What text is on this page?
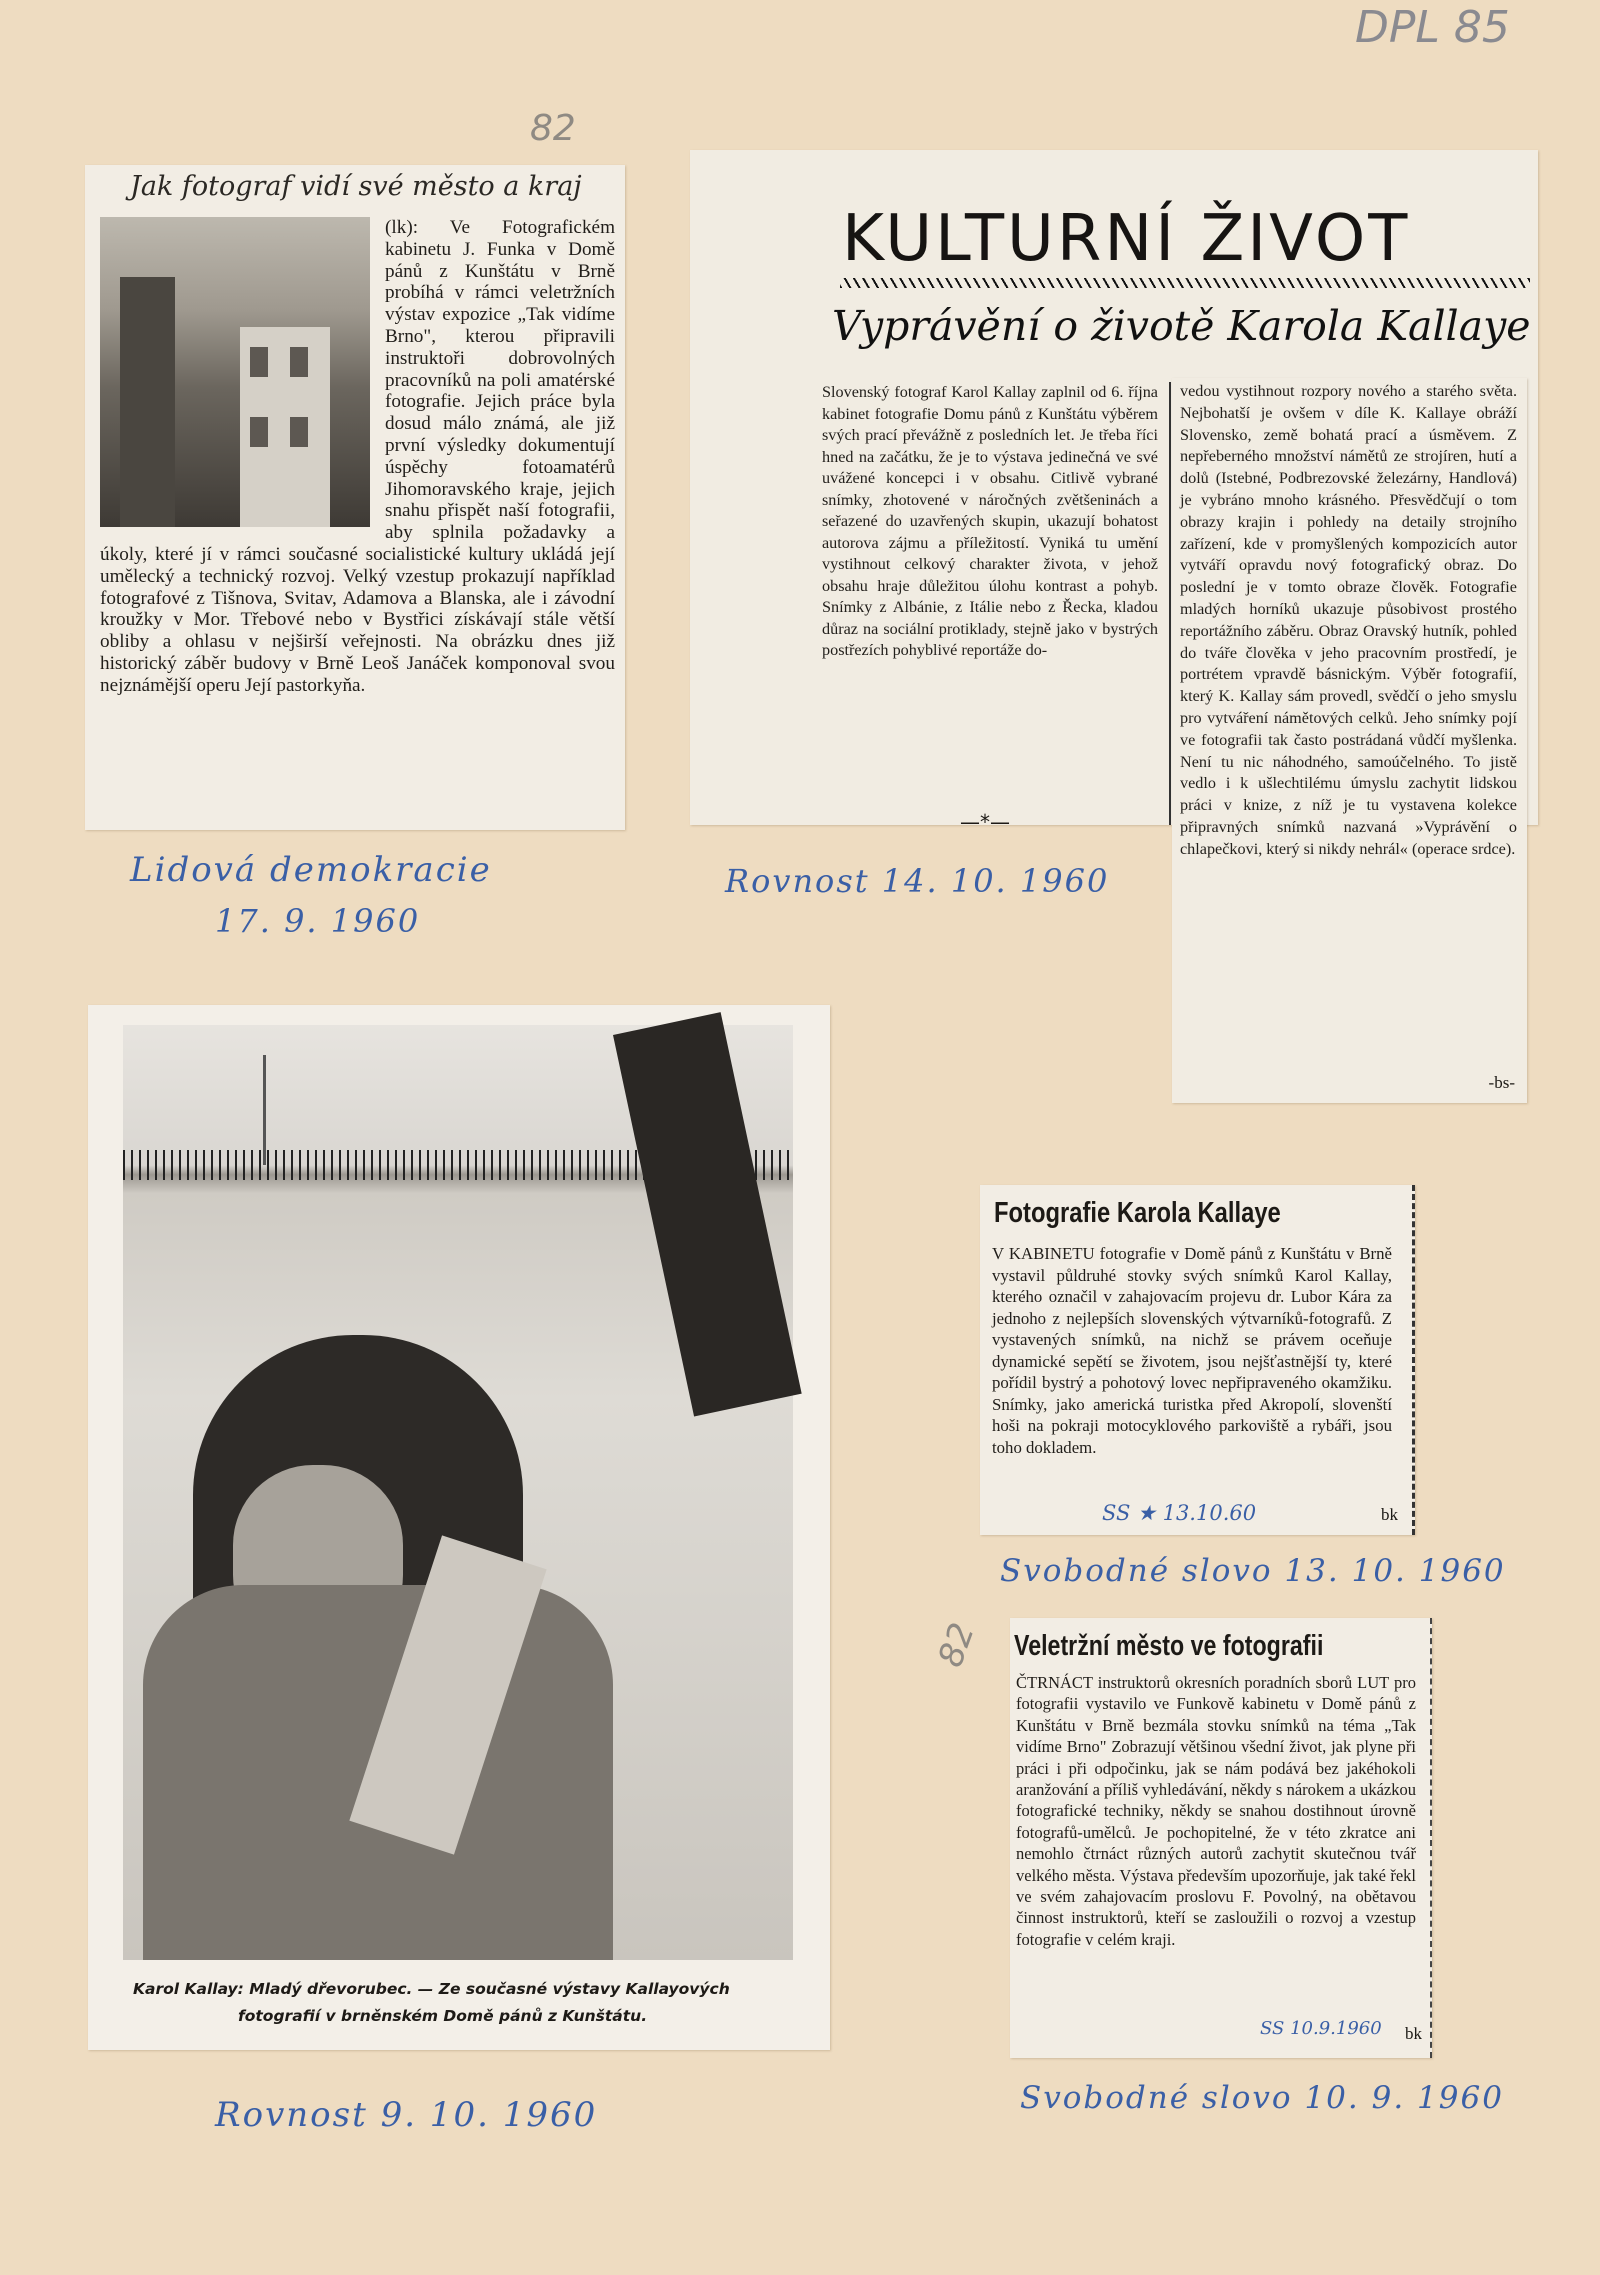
DPL 85
82
82
Jak fotograf vidí své město a kraj

(lk): Ve Fotografickém kabinetu J. Funka v Domě pánů z Kunštátu v Brně probíhá v rámci veletržních výstav expozice „Tak vidíme Brno", kterou připravili instruktoři dobrovolných pracovníků na poli amatérské fotografie. Jejich práce byla dosud málo známá, ale již první výsledky dokumentují úspěchy fotoamatérů Jihomoravského kraje, jejich snahu přispět naší fotografii, aby splnila požadavky a úkoly, které jí v rámci současné socialistické kultury ukládá její umělecký a technický rozvoj. Velký vzestup prokazují například fotografové z Tišnova, Svitav, Adamova a Blanska, ale i závodní kroužky v Mor. Třebové nebo v Bystřici získávají stále větší obliby a ohlasu v nejširší veřejnosti. Na obrázku dnes již historický záběr budovy v Brně Leoš Janáček komponoval svou nejznámější operu Její pastorkyňa.

Lidová demokracie
17. 9. 1960
KULTURNÍ ŽIVOT
Vyprávění o životě Karola Kallaye

Slovenský fotograf Karol Kallay zaplnil od 6. října kabinet fotografie Domu pánů z Kunštátu výběrem svých prací převážně z posledních let. Je třeba říci hned na začátku, že je to výstava jedinečná ve své uvážené koncepci i v obsahu. Citlivě vybrané snímky, zhotovené v náročných zvětšeninách a seřazené do uzavřených skupin, ukazují bohatost autorova zájmu a příležitostí. Vyniká tu umění vystihnout celkový charakter života, v jehož obsahu hraje důležitou úlohu kontrast a pohyb. Snímky z Albánie, z Itálie nebo z Řecka, kladou důraz na sociální protiklady, stejně jako v bystrých postřezích pohyblivé reportáže do-

—*—

vedou vystihnout rozpory nového a starého světa. Nejbohatší je ovšem v díle K. Kallaye obráží Slovensko, země bohatá prací a úsměvem. Z nepřeberného množství námětů ze strojíren, hutí a dolů (Istebné, Podbrezovské železárny, Handlová) je vybráno mnoho krásného. Přesvědčují o tom obrazy krajin i pohledy na detaily strojního zařízení, kde v promyšlených kompozicích autor vytváří opravdu nový fotografický obraz. Do poslední je v tomto obraze člověk. Fotografie mladých horníků ukazuje působivost prostého reportážního záběru. Obraz Oravský hutník, pohled do tváře člověka v jeho pracovním prostředí, je portrétem vpravdě básnickým. Výběr fotografií, který K. Kallay sám provedl, svědčí o jeho smyslu pro vytváření námětových celků. Jeho snímky pojí ve fotografii tak často postrádaná vůdčí myšlenka. Není tu nic náhodného, samoúčelného. To jistě vedlo i k ušlechtilému úmyslu zachytit lidskou práci v knize, z níž je tu vystavena kolekce připravných snímků nazvaná »Vyprávění o chlapečkovi, který si nikdy nehrál« (operace srdce).

-bs-
Rovnost 14. 10. 1960
Karol Kallay: Mladý dřevorubec. — Ze současné výstavy Kallayových
fotografií v brněnském Domě pánů z Kunštátu.
Rovnost 9. 10. 1960
Fotografie Karola Kallaye

V KABINETU fotografie v Domě pánů z Kunštátu v Brně vystavil půldruhé stovky svých snímků Karol Kallay, kterého označil v zahajovacím projevu dr. Lubor Kára za jednoho z nejlepších slovenských výtvarníků-fotografů. Z vystavených snímků, na nichž se právem oceňuje dynamické sepětí se životem, jsou nejšťastnější ty, které pořídil bystrý a pohotový lovec nepřipraveného okamžiku. Snímky, jako americká turistka před Akropolí, slovenští hoši na pokraji motocyklového parkoviště a rybáři, jsou toho dokladem.

SS ★ 13.10.60	bk
Svobodné slovo 13. 10. 1960
Veletržní město ve fotografii

ČTRNÁCT instruktorů okresních poradních sborů LUT pro fotografii vystavilo ve Funkově kabinetu v Domě pánů z Kunštátu v Brně bezmála stovku snímků na téma „Tak vidíme Brno" Zobrazují většinou všední život, jak plyne při práci i při odpočinku, jak se nám podává bez jakéhokoli aranžování a příliš vyhledávání, někdy s nárokem a ukázkou fotografické techniky, někdy se snahou dostihnout úrovně fotografů-umělců. Je pochopitelné, že v této zkratce ani nemohlo čtrnáct různých autorů zachytit skutečnou tvář velkého města. Výstava především upozorňuje, jak také řekl ve svém zahajovacím proslovu F. Povolný, na obětavou činnost instruktorů, kteří se zasloužili o rozvoj a vzestup fotografie v celém kraji.

SS 10.9.1960 bk
Svobodné slovo 10. 9. 1960
